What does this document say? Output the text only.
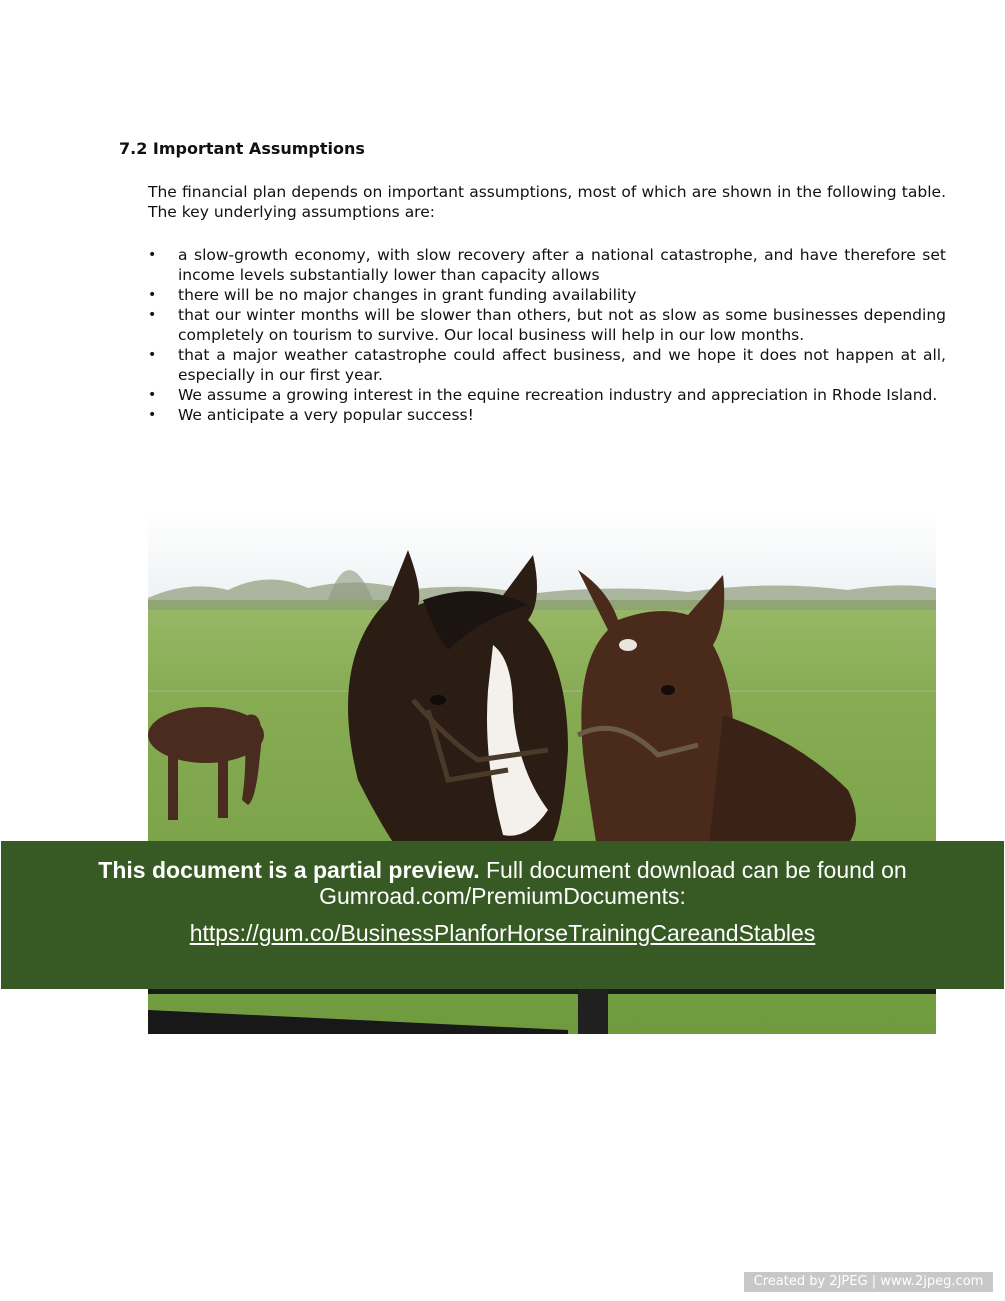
7.2 Important Assumptions

The financial plan depends on important assumptions, most of which are shown in the following table. The key underlying assumptions are:

• a slow-growth economy, with slow recovery after a national catastrophe, and have therefore set income levels substantially lower than capacity allows
• there will be no major changes in grant funding availability
• that our winter months will be slower than others, but not as slow as some businesses depending completely on tourism to survive. Our local business will help in our low months.
• that a major weather catastrophe could affect business, and we hope it does not happen at all, especially in our first year.
• We assume a growing interest in the equine recreation industry and appreciation in Rhode Island.
• We anticipate a very popular success!
This document is a partial preview. Full document download can be found on Gumroad.com/PremiumDocuments:
https://gum.co/BusinessPlanforHorseTrainingCareandStables
Created by 2JPEG | www.2jpeg.com
